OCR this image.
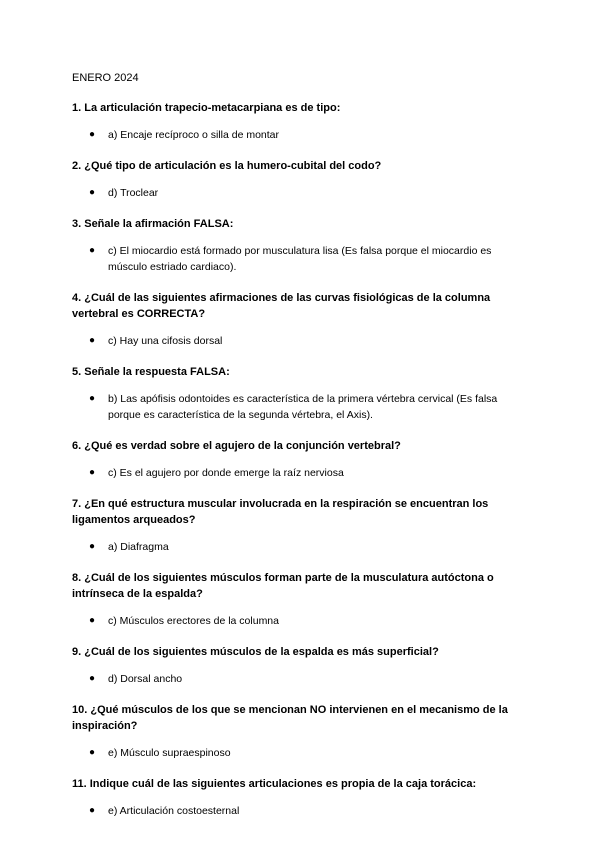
ENERO 2024

1. La articulación trapecio-metacarpiana es de tipo:

● a) Encaje recíproco o silla de montar

2. ¿Qué tipo de articulación es la humero-cubital del codo?

● d) Troclear

3. Señale la afirmación FALSA:

● c) El miocardio está formado por musculatura lisa (Es falsa porque el miocardio es músculo estriado cardiaco).

4. ¿Cuál de las siguientes afirmaciones de las curvas fisiológicas de la columna vertebral es CORRECTA?

● c) Hay una cifosis dorsal

5. Señale la respuesta FALSA:

● b) Las apófisis odontoides es característica de la primera vértebra cervical (Es falsa porque es característica de la segunda vértebra, el Axis).

6. ¿Qué es verdad sobre el agujero de la conjunción vertebral?

● c) Es el agujero por donde emerge la raíz nerviosa

7. ¿En qué estructura muscular involucrada en la respiración se encuentran los ligamentos arqueados?

● a) Diafragma

8. ¿Cuál de los siguientes músculos forman parte de la musculatura autóctona o intrínseca de la espalda?

● c) Músculos erectores de la columna

9. ¿Cuál de los siguientes músculos de la espalda es más superficial?

● d) Dorsal ancho

10. ¿Qué músculos de los que se mencionan NO intervienen en el mecanismo de la inspiración?

● e) Músculo supraespinoso

11. Indique cuál de las siguientes articulaciones es propia de la caja torácica:

● e) Articulación costoesternal
